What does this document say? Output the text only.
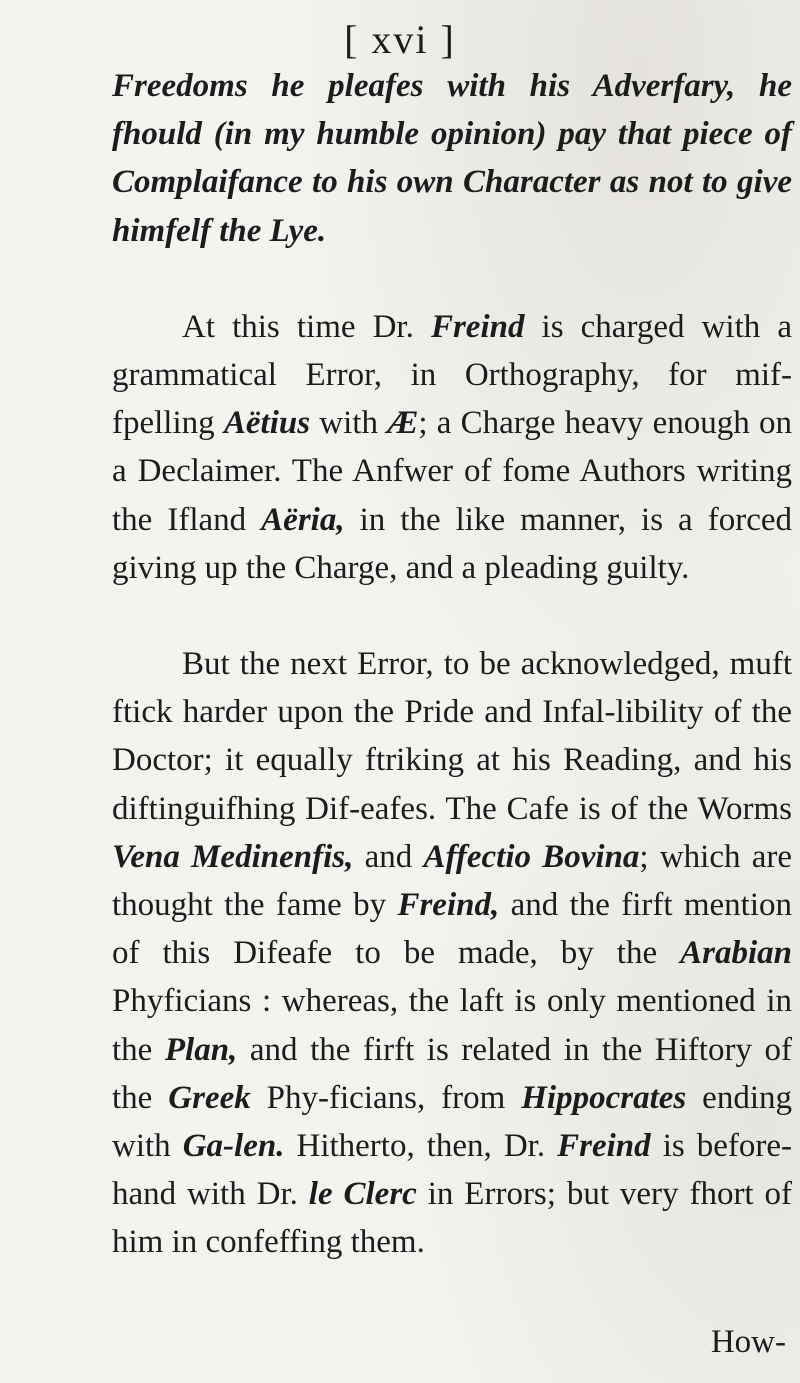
[ xvi ]

Freedoms he pleafes with his Adverfary, he fhould (in my humble opinion) pay that piece of Complaifance to his own Character as not to give himfelf the Lye.

At this time Dr. Freind is charged with a grammatical Error, in Orthography, for mif-fpelling Aëtius with Æ; a Charge heavy enough on a Declaimer. The Anfwer of fome Authors writing the Ifland Aëria, in the like manner, is a forced giving up the Charge, and a pleading guilty.

But the next Error, to be acknowledged, muft ftick harder upon the Pride and Infal-libility of the Doctor; it equally ftriking at his Reading, and his diftinguifhing Dif-eafes. The Cafe is of the Worms Vena Medinenfis, and Affectio Bovina; which are thought the fame by Freind, and the firft mention of this Difeafe to be made, by the Arabian Phyficians : whereas, the laft is only mentioned in the Plan, and the firft is related in the Hiftory of the Greek Phy-ficians, from Hippocrates ending with Ga-len. Hitherto, then, Dr. Freind is before-hand with Dr. le Clerc in Errors; but very fhort of him in confeffing them.

How-
